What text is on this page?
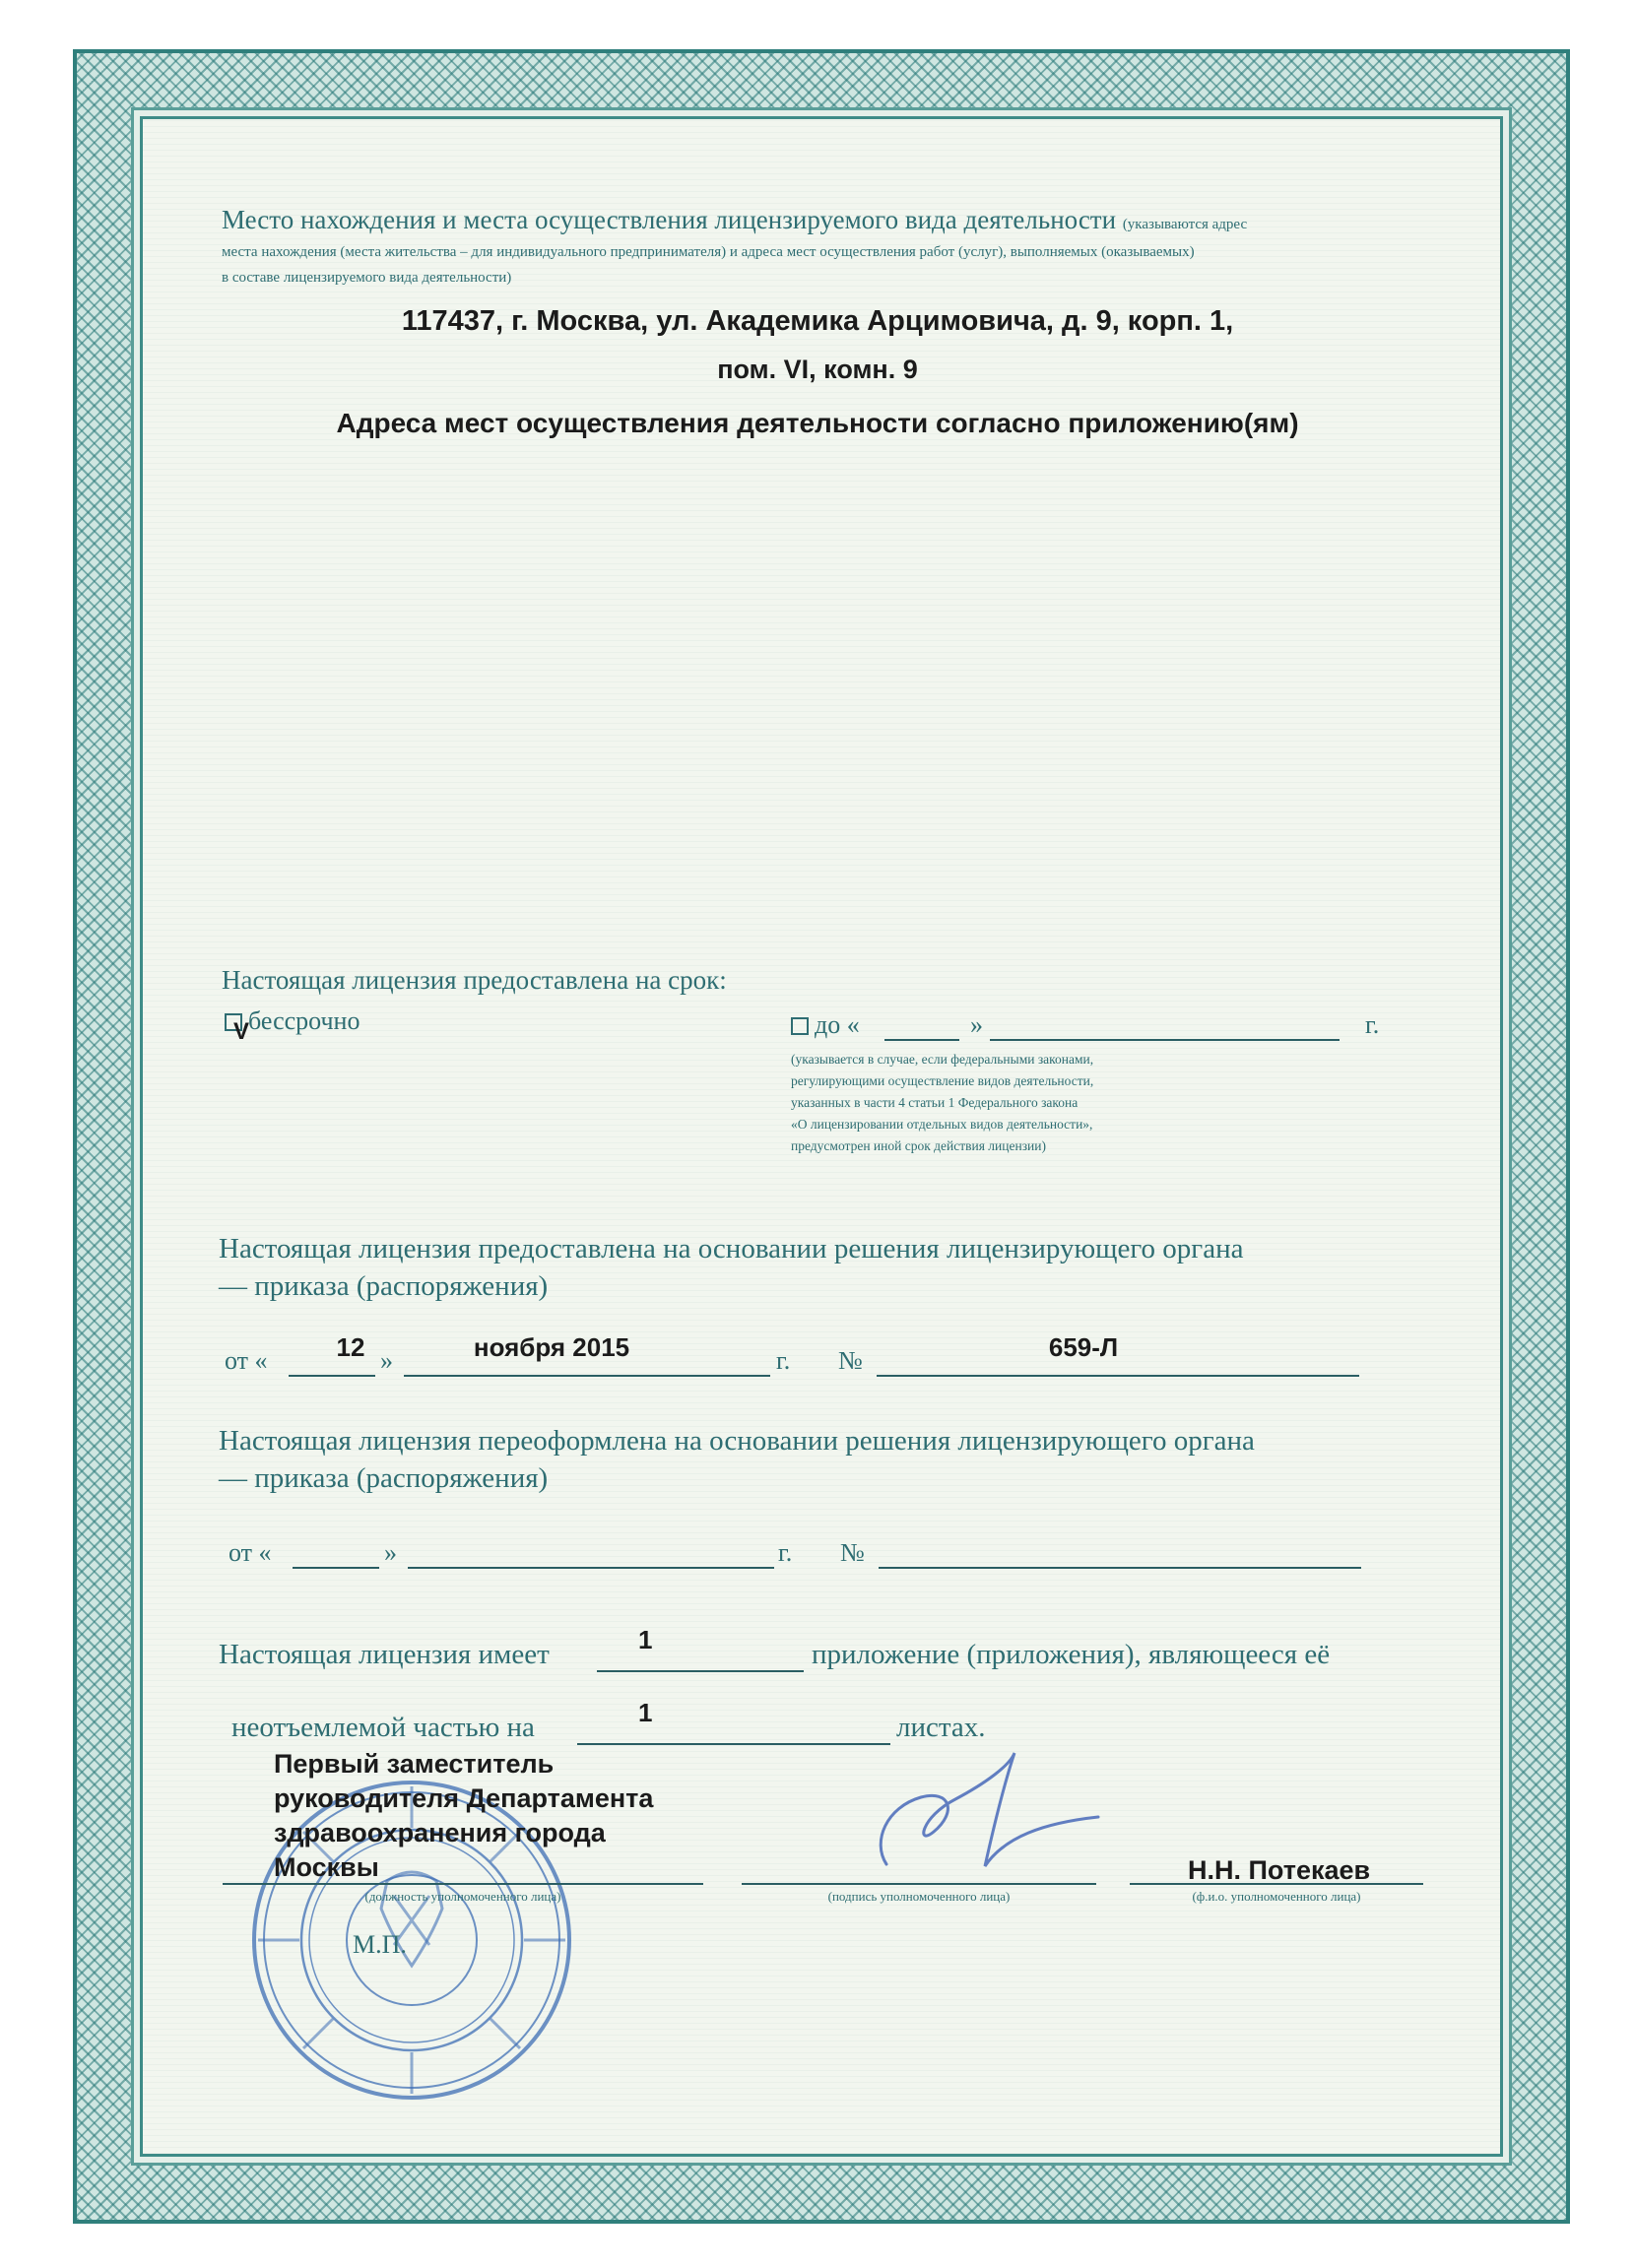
Место нахождения и места осуществления лицензируемого вида деятельности (указываются адрес

места нахождения (места жительства – для индивидуального предпринимателя) и адреса мест осуществления работ (услуг), выполняемых (оказываемых)

в составе лицензируемого вида деятельности)

117437, г. Москва, ул. Академика Арцимовича, д. 9, корп. 1,

пом. VI, комн. 9

Адреса мест осуществления деятельности согласно приложению(ям)

Настоящая лицензия предоставлена на срок:

бессрочно

V	до «	»	г.

(указывается в случае, если федеральными законами,

регулирующими осуществление видов деятельности,

указанных в части 4 статьи 1 Федерального закона

«О лицензировании отдельных видов деятельности»,

предусмотрен иной срок действия лицензии)

Настоящая лицензия предоставлена на основании решения лицензирующего органа

— приказа (распоряжения)

от «	12 »	ноября 2015	г. №	659-Л

Настоящая лицензия переоформлена на основании решения лицензирующего органа

— приказа (распоряжения)

от «	»	г. №
Настоящая лицензия имеет	1	приложение (приложения), являющееся её
неотъемлемой частью на	1	листах.
М.П.

Первый заместитель

руководителя Департамента

здравоохранения города

Москвы

(должность уполномоченного лица)	(подпись уполномоченного лица)
Н.Н. Потекаев
(ф.и.о. уполномоченного лица)
